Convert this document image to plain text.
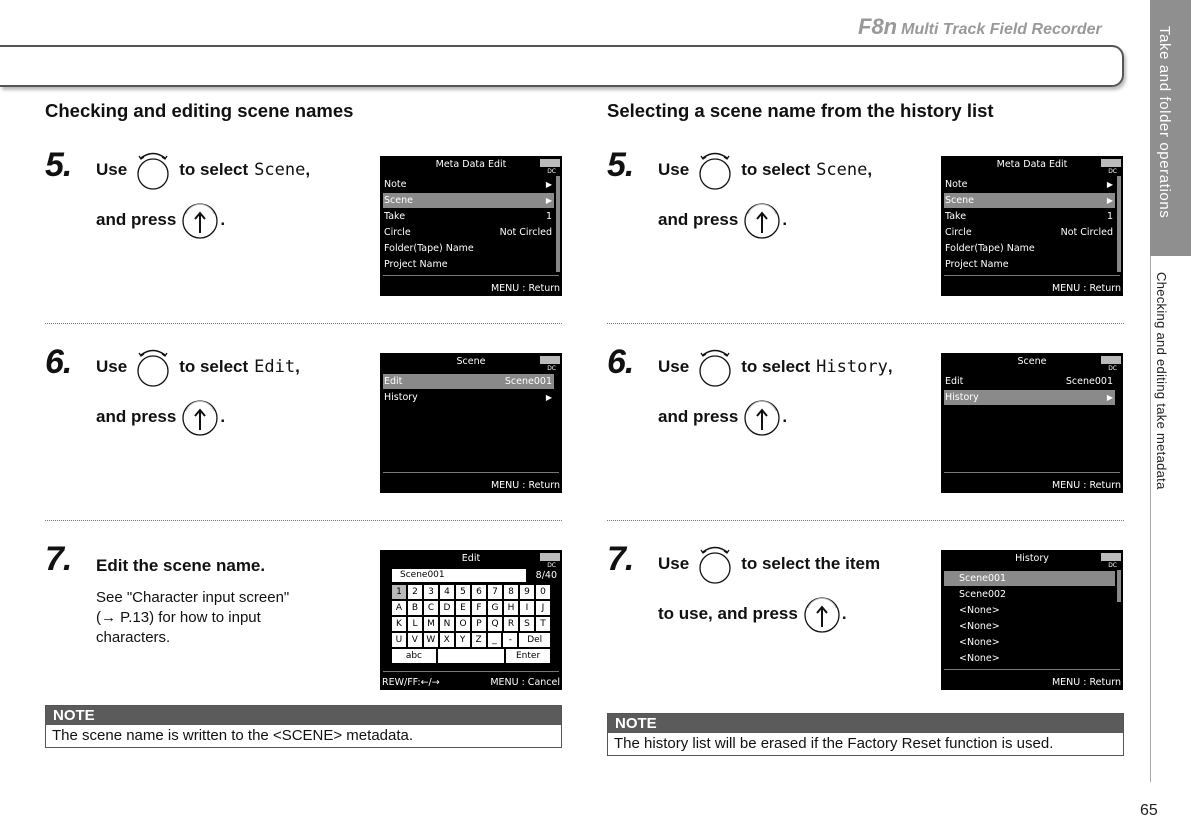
F8n Multi Track Field Recorder	Take and folder operations
Checking and editing take metadata
65
Checking and editing scene names
5. Use	to select Scene ,
and press	.
Meta Data Edit
DC
Note	▶
Scene	▶
Take	1
Circle	Not Circled
Folder(Tape) Name
Project Name
MENU : Return
6. Use	to select Edit ,
and press	.
Scene
DC
Edit	Scene001
History	▶
MENU : Return
7. Edit the scene name.
See "Character input screen"
(→ P.13) for how to input
characters.
Edit
DC
Scene001	8/40
1	2	3	4	5	6	7	8	9	0
A	B	C	D	E	F	G	H	I	J
K	L	M N	O	P	Q	R	S	T
U	V W X	Y	Z	_	-	Del
abc	Enter
REW/FF:←/→	MENU : Cancel
NOTE
The scene name is written to the <SCENE> metadata.
Selecting a scene name from the history list
5. Use	to select Scene ,
and press	.
Meta Data Edit
DC
Note	▶
Scene	▶
Take	1
Circle	Not Circled
Folder(Tape) Name
Project Name
MENU : Return
6. Use	to select History ,
and press	.
Scene
DC
Edit	Scene001
History	▶
MENU : Return
7. Use	to select the item
to use, and press	.
History
DC
Scene001
Scene002
<None>
<None>
<None>
<None>
MENU : Return
NOTE
The history list will be erased if the Factory Reset function is used.
